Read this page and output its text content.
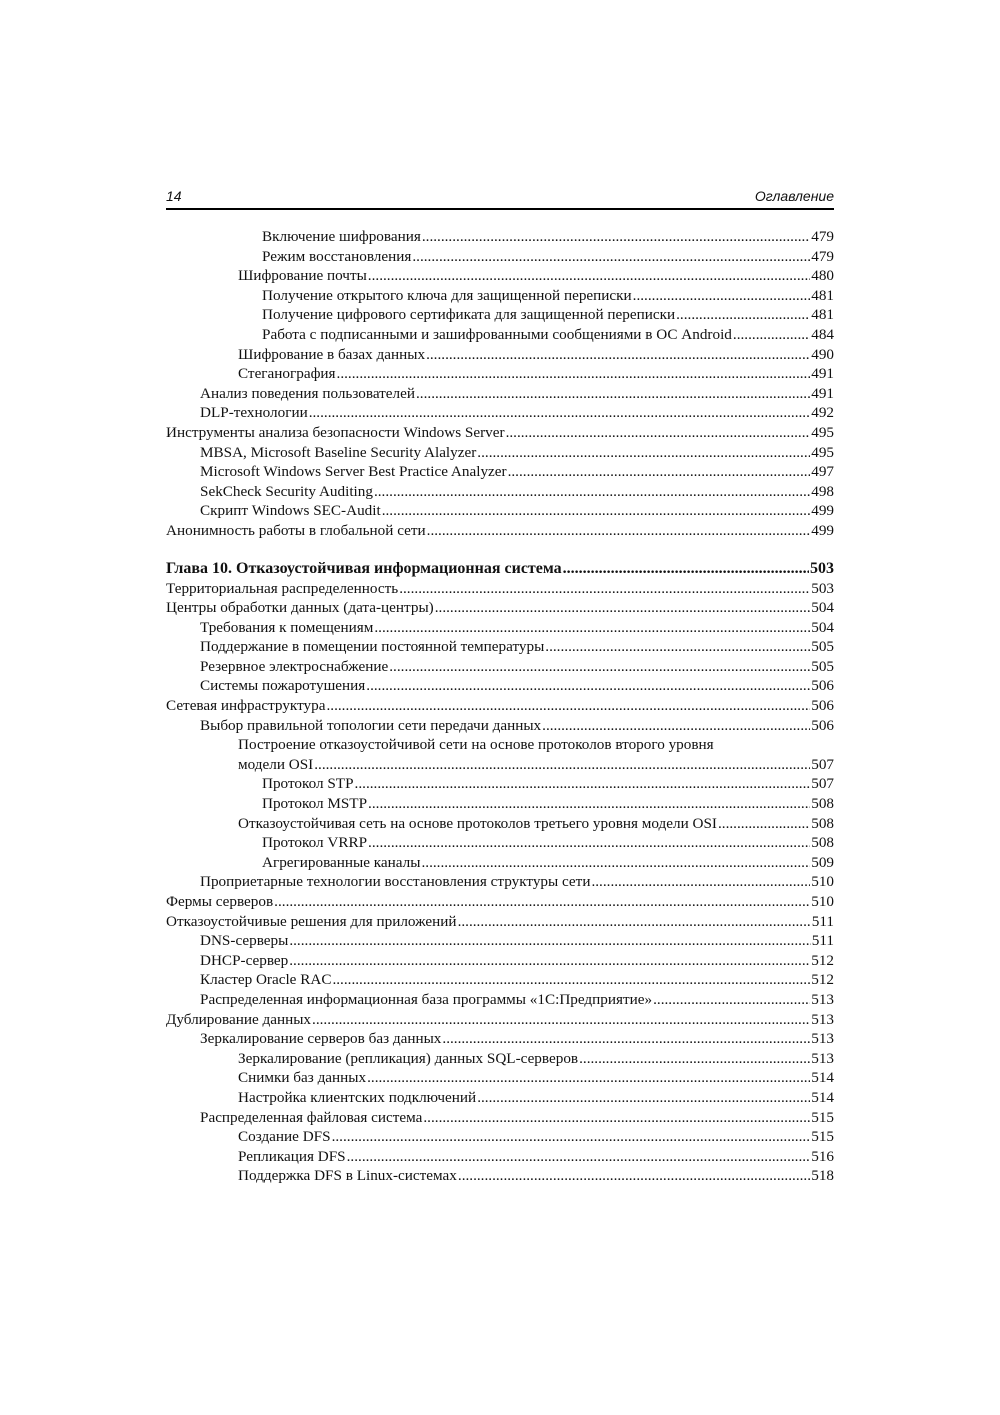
14	Оглавление
Включение шифрования .....	479
Режим восстановления .....	479
Шифрование почты .....	480
Получение открытого ключа для защищенной переписки .....	481
Получение цифрового сертификата для защищенной переписки .....	481
Работа с подписанными и зашифрованными сообщениями в ОС Android .....	484
Шифрование в базах данных .....	490
Стеганография .....	491
Анализ поведения пользователей .....	491
DLP-технологии .....	492
Инструменты анализа безопасности Windows Server .....	495
MBSA, Microsoft Baseline Security Alalyzer .....	495
Microsoft Windows Server Best Practice Analyzer .....	497
SekCheck Security Auditing .....	498
Скрипт Windows SEC-Audit .....	499
Анонимность работы в глобальной сети .....	499
Глава 10. Отказоустойчивая информационная система .....	503
Территориальная распределенность .....	503
Центры обработки данных (дата-центры) .....	504
Требования к помещениям .....	504
Поддержание в помещении постоянной температуры .....	505
Резервное электроснабжение .....	505
Системы пожаротушения .....	506
Сетевая инфраструктура .....	506
Выбор правильной топологии сети передачи данных .....	506
Построение отказоустойчивой сети на основе протоколов второго уровня
модели OSI .....	507
Протокол STP .....	507
Протокол MSTP .....	508
Отказоустойчивая сеть на основе протоколов третьего уровня модели OSI .....	508
Протокол VRRP .....	508
Агрегированные каналы .....	509
Проприетарные технологии восстановления структуры сети .....	510
Фермы серверов .....	510
Отказоустойчивые решения для приложений .....	511
DNS-серверы .....	511
DHCP-сервер .....	512
Кластер Oracle RAC .....	512
Распределенная информационная база программы «1С:Предприятие» .....	513
Дублирование данных .....	513
Зеркалирование серверов баз данных .....	513
Зеркалирование (репликация) данных SQL-серверов .....	513
Снимки баз данных .....	514
Настройка клиентских подключений .....	514
Распределенная файловая система .....	515
Создание DFS .....	515
Репликация DFS .....	516
Поддержка DFS в Linux-системах .....	518
